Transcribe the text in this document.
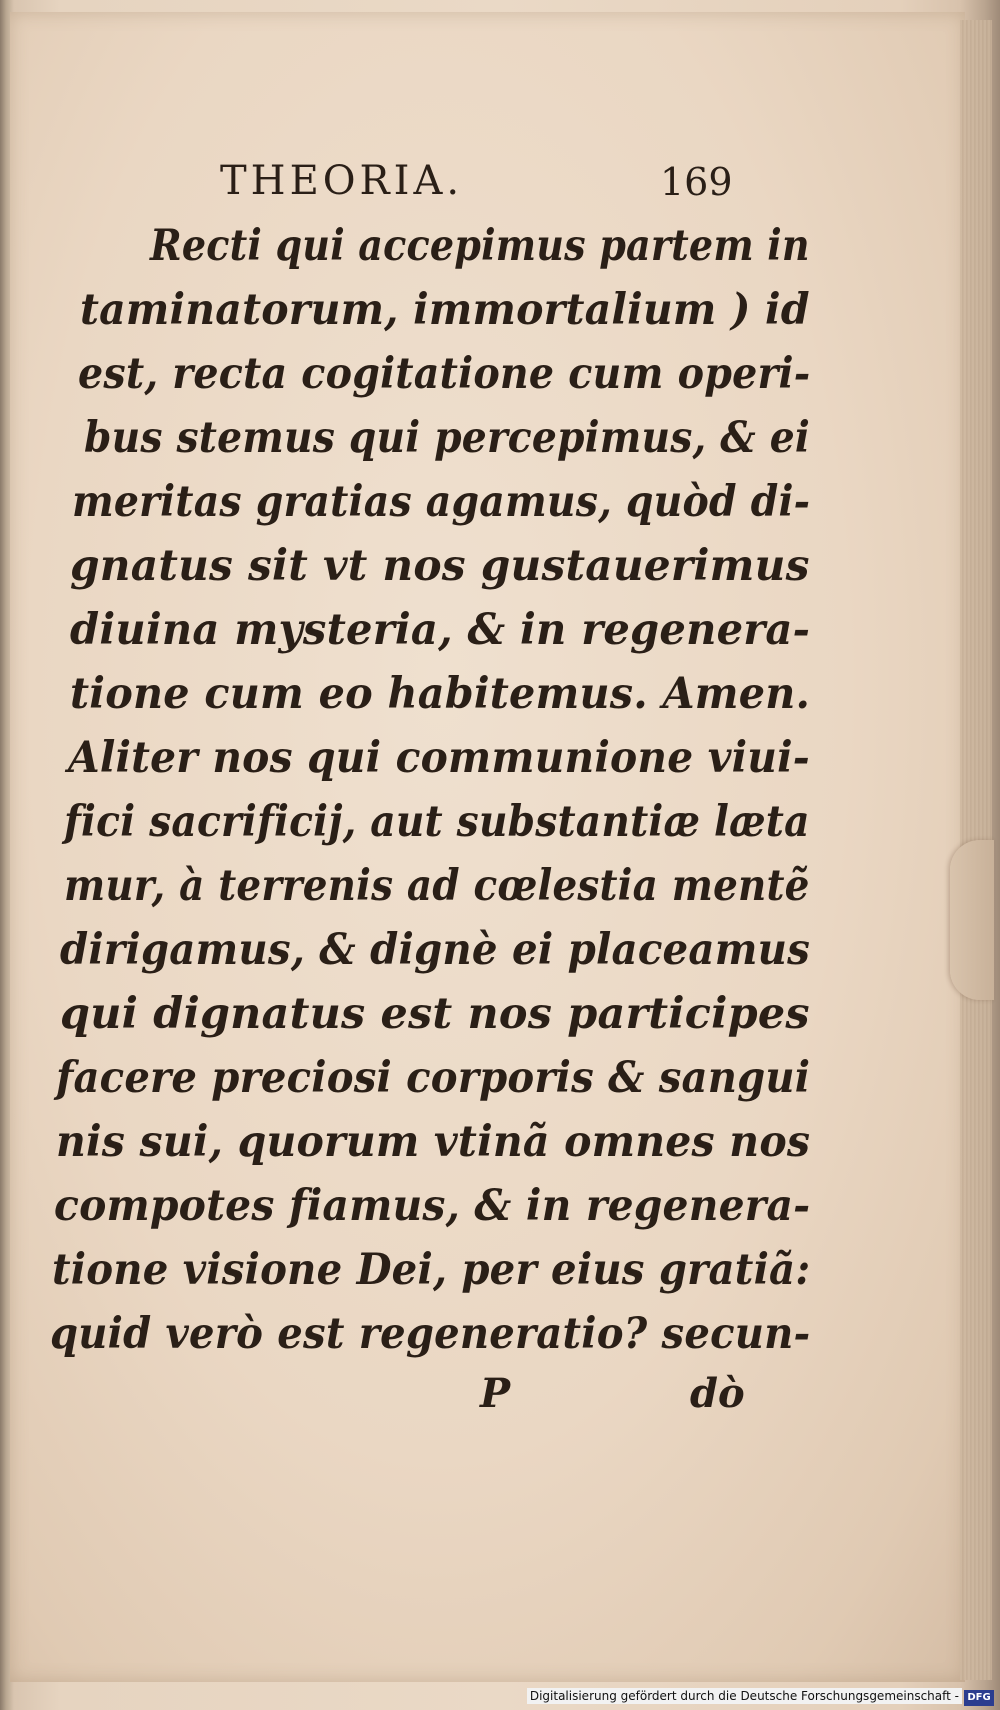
THEORIA.	169
Recti qui accepimus partem in
taminatorum, immortalium ) id
est, recta cogitatione cum operi-
bus stemus qui percepimus, & ei
meritas gratias agamus, quòd di-
gnatus sit vt nos gustauerimus
diuina mysteria, & in regenera-
tione cum eo habitemus. Amen.
Aliter nos qui communione viui-
fici sacrificij, aut substantiæ læta
mur, à terrenis ad cœlestia mentẽ
dirigamus, & dignè ei placeamus
qui dignatus est nos participes
facere preciosi corporis & sangui
nis sui, quorum vtinã omnes nos
compotes fiamus, & in regenera-
tione visione Dei, per eius gratiã:
quid verò est regeneratio? secun-
P	dò
Digitalisierung gefördert durch die Deutsche Forschungsgemeinschaft - DFG
